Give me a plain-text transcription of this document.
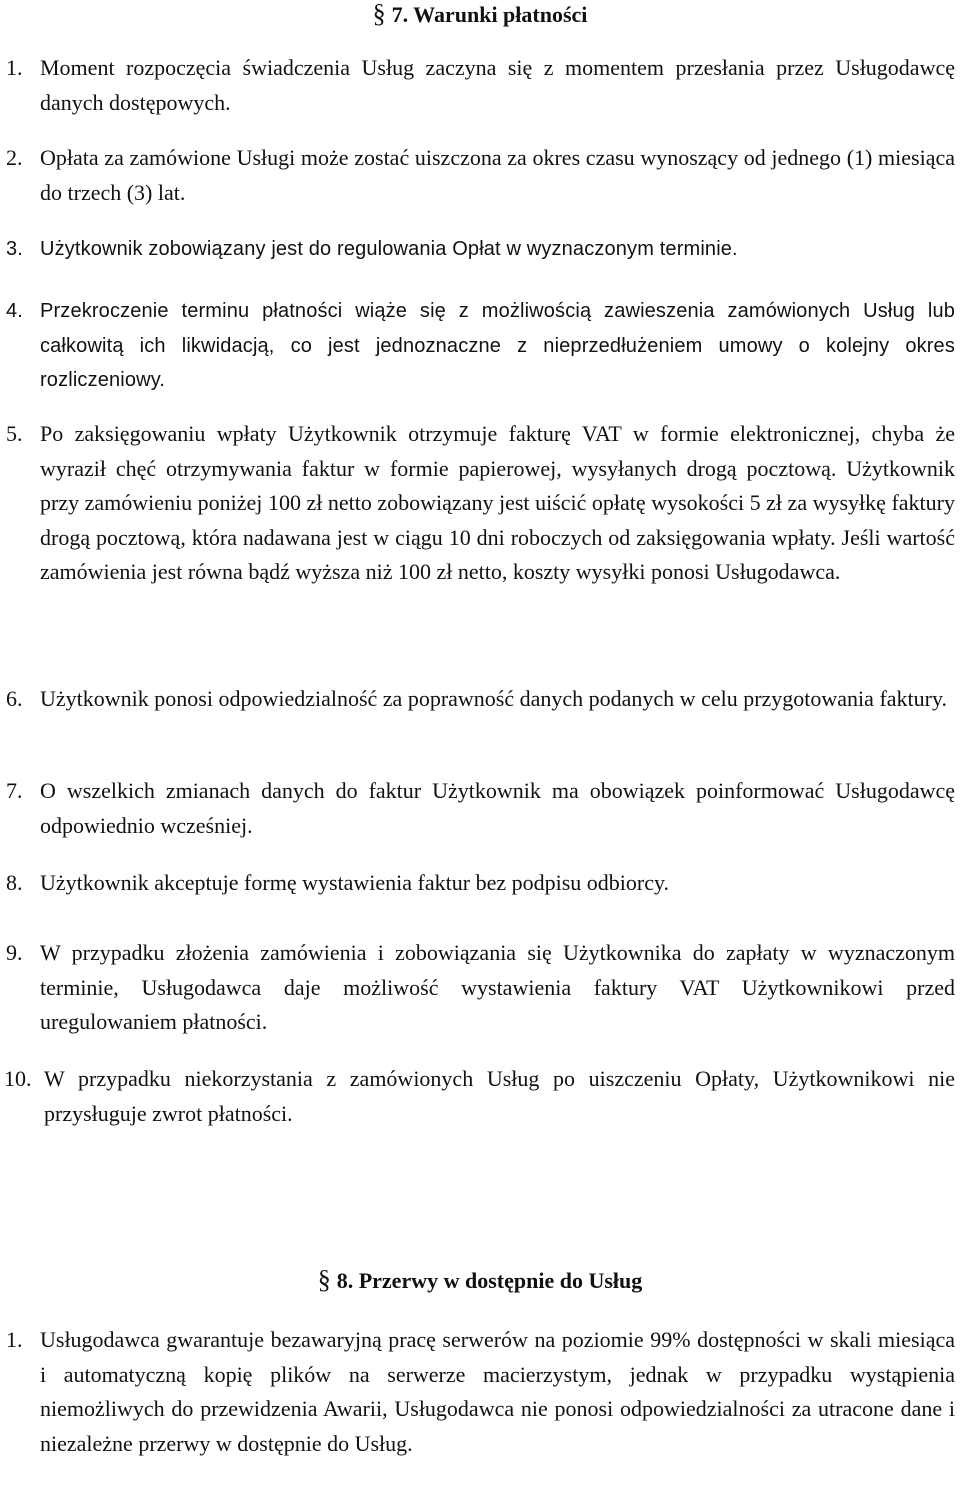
§ 7. Warunki płatności
1. Moment rozpoczęcia świadczenia Usług zaczyna się z momentem przesłania przez Usługodawcę danych dostępowych.
2. Opłata za zamówione Usługi może zostać uiszczona za okres czasu wynoszący od jednego (1) miesiąca do trzech (3) lat.
3. Użytkownik zobowiązany jest do regulowania Opłat w wyznaczonym terminie.
4. Przekroczenie terminu płatności wiąże się z możliwością zawieszenia zamówionych Usług lub całkowitą ich likwidacją, co jest jednoznaczne z nieprzedłużeniem umowy o kolejny okres rozliczeniowy.
5. Po zaksięgowaniu wpłaty Użytkownik otrzymuje fakturę VAT w formie elektronicznej, chyba że wyraził chęć otrzymywania faktur w formie papierowej, wysyłanych drogą pocztową. Użytkownik przy zamówieniu poniżej 100 zł netto zobowiązany jest uiścić opłatę wysokości 5 zł za wysyłkę faktury drogą pocztową, która nadawana jest w ciągu 10 dni roboczych od zaksięgowania wpłaty. Jeśli wartość zamówienia jest równa bądź wyższa niż 100 zł netto, koszty wysyłki ponosi Usługodawca.
6. Użytkownik ponosi odpowiedzialność za poprawność danych podanych w celu przygotowania faktury.
7. O wszelkich zmianach danych do faktur Użytkownik ma obowiązek poinformować Usługodawcę odpowiednio wcześniej.
8. Użytkownik akceptuje formę wystawienia faktur bez podpisu odbiorcy.
9. W przypadku złożenia zamówienia i zobowiązania się Użytkownika do zapłaty w wyznaczonym terminie, Usługodawca daje możliwość wystawienia faktury VAT Użytkownikowi przed uregulowaniem płatności.
10. W przypadku niekorzystania z zamówionych Usług po uiszczeniu Opłaty, Użytkownikowi nie przysługuje zwrot płatności.
§ 8. Przerwy w dostępnie do Usług
1. Usługodawca gwarantuje bezawaryjną pracę serwerów na poziomie 99% dostępności w skali miesiąca i automatyczną kopię plików na serwerze macierzystym, jednak w przypadku wystąpienia niemożliwych do przewidzenia Awarii, Usługodawca nie ponosi odpowiedzialności za utracone dane i niezależne przerwy w dostępnie do Usług.
